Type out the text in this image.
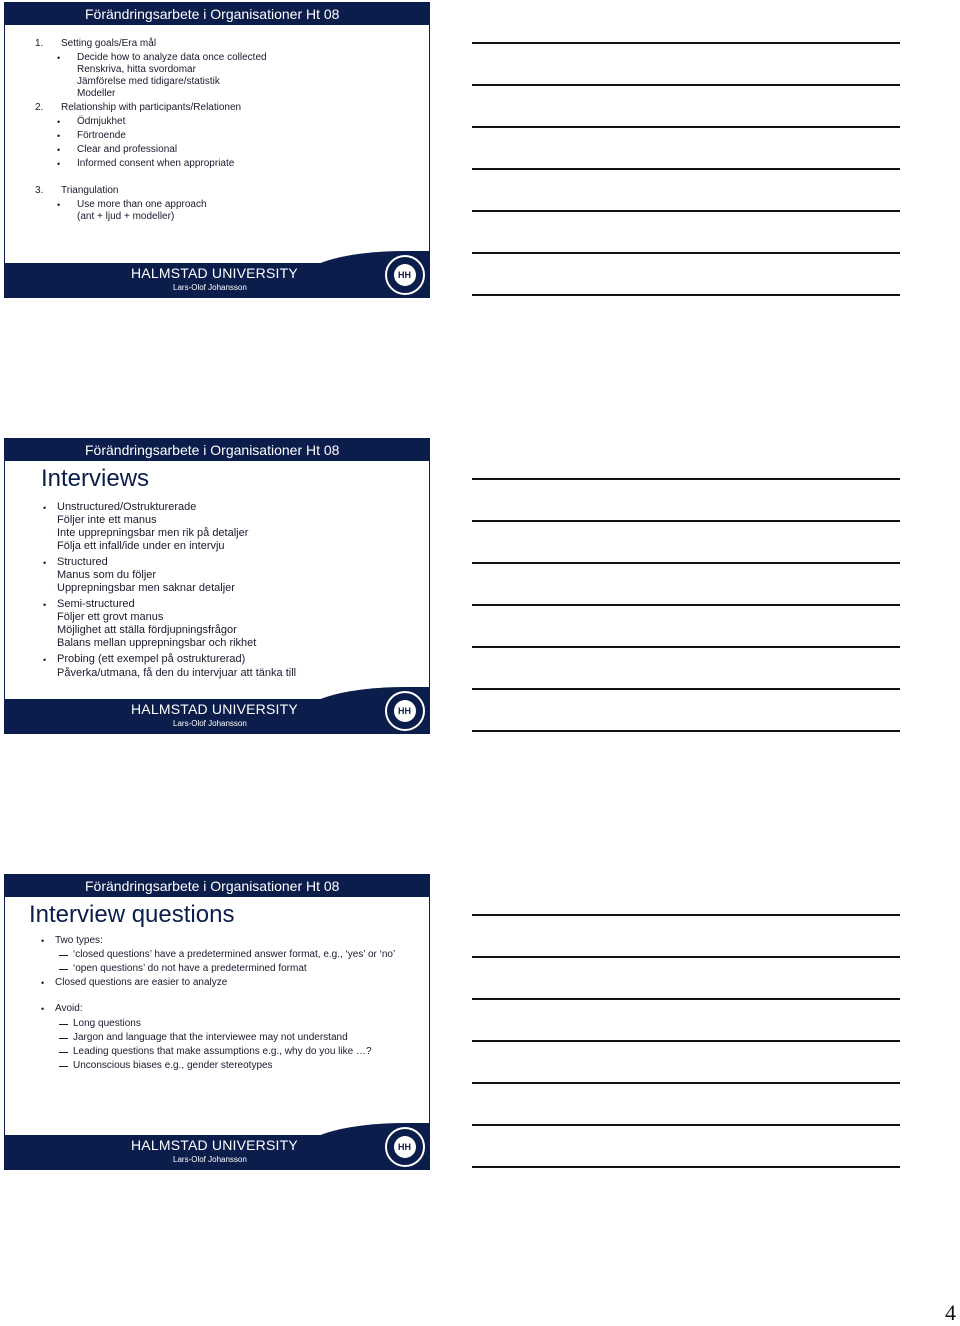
Förändringsarbete i Organisationer Ht 08
1. Setting goals/Era mål
• Decide how to analyze data once collected
Renskriva, hitta svordomar
Jämförelse med tidigare/statistik
Modeller
2. Relationship with participants/Relationen
• Ödmjukhet
• Förtroende
• Clear and professional
• Informed consent when appropriate
3. Triangulation
• Use more than one approach
(ant + ljud + modeller)
HALMSTAD UNIVERSITY
Lars-Olof Johansson
HH
Förändringsarbete i Organisationer Ht 08
Interviews
• Unstructured/Ostrukturerade
Följer inte ett manus
Inte upprepningsbar men rik på detaljer
Följa ett infall/ide under en intervju
• Structured
Manus som du följer
Upprepningsbar men saknar detaljer
• Semi-structured
Följer ett grovt manus
Möjlighet att ställa fördjupningsfrågor
Balans mellan upprepningsbar och rikhet
• Probing (ett exempel på ostrukturerad)
Påverka/utmana, få den du intervjuar att tänka till
HALMSTAD UNIVERSITY
Lars-Olof Johansson
HH
Förändringsarbete i Organisationer Ht 08
Interview questions
• Two types:
‘closed questions’ have a predetermined answer format, e.g., ‘yes’ or ‘no’
‘open questions’ do not have a predetermined format
• Closed questions are easier to analyze
• Avoid:
Long questions
Jargon and language that the interviewee may not understand
Leading questions that make assumptions e.g., why do you like …?
Unconscious biases e.g., gender stereotypes
HALMSTAD UNIVERSITY
Lars-Olof Johansson
HH
4
